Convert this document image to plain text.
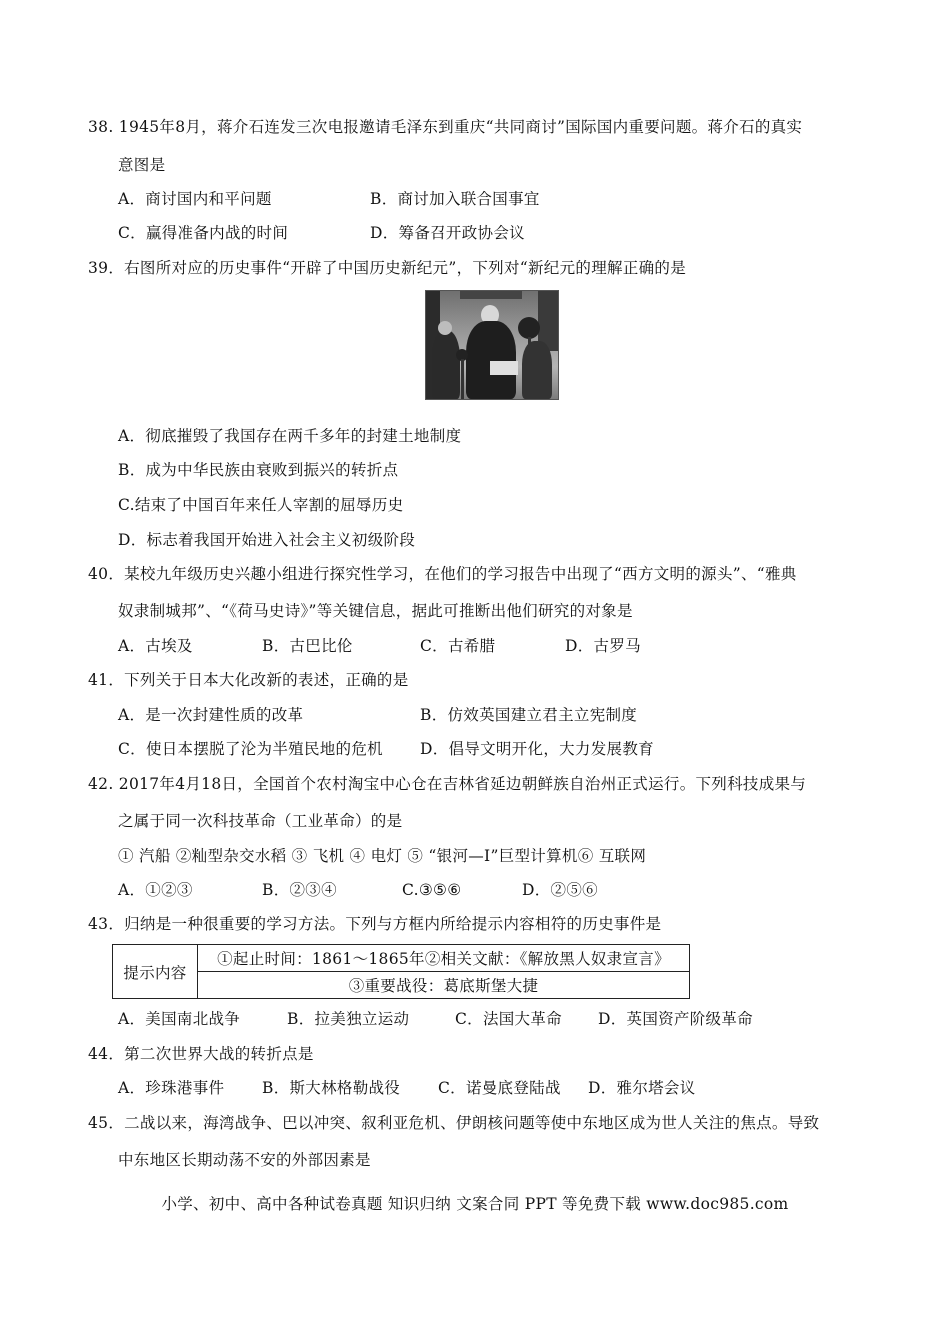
38. 1945年8月，蒋介石连发三次电报邀请毛泽东到重庆“共同商讨”国际国内重要问题。蒋介石的真实
意图是
A．商讨国内和平问题	B．商讨加入联合国事宜
C．赢得准备内战的时间	D．筹备召开政协会议
39．右图所对应的历史事件“开辟了中国历史新纪元”，下列对“新纪元的理解正确的是
A．彻底摧毁了我国存在两千多年的封建土地制度
B．成为中华民族由衰败到振兴的转折点
C.结束了中国百年来任人宰割的屈辱历史
D．标志着我国开始进入社会主义初级阶段
40．某校九年级历史兴趣小组进行探究性学习，在他们的学习报告中出现了“西方文明的源头”、“雅典
奴隶制城邦”、“《荷马史诗》”等关键信息，据此可推断出他们研究的对象是
A．古埃及	B．古巴比伦	C．古希腊	D．古罗马
41．下列关于日本大化改新的表述，正确的是
A．是一次封建性质的改革	B．仿效英国建立君主立宪制度
C．使日本摆脱了沦为半殖民地的危机 D．倡导文明开化，大力发展教育
42. 2017年4月18日，全国首个农村淘宝中心仓在吉林省延边朝鲜族自治州正式运行。下列科技成果与
之属于同一次科技革命（工业革命）的是
① 汽船 ②籼型杂交水稻 ③ 飞机 ④ 电灯 ⑤ “银河—I”巨型计算机⑥ 互联网
A．①②③	B．②③④	C.③⑤⑥	D．②⑤⑥
43．归纳是一种很重要的学习方法。下列与方框内所给提示内容相符的历史事件是
提示内容	①起止时间：1861～1865年②相关文献：《解放黑人奴隶宣言》
③重要战役：葛底斯堡大捷
A．美国南北战争	B．拉美独立运动	C．法国大革命 D．英国资产阶级革命
44．第二次世界大战的转折点是
A．珍珠港事件 B．斯大林格勒战役 C．诺曼底登陆战 D．雅尔塔会议
45．二战以来，海湾战争、巴以冲突、叙利亚危机、伊朗核问题等使中东地区成为世人关注的焦点。导致
中东地区长期动荡不安的外部因素是
小学、初中、高中各种试卷真题 知识归纳 文案合同 PPT 等免费下载 www.doc985.com
